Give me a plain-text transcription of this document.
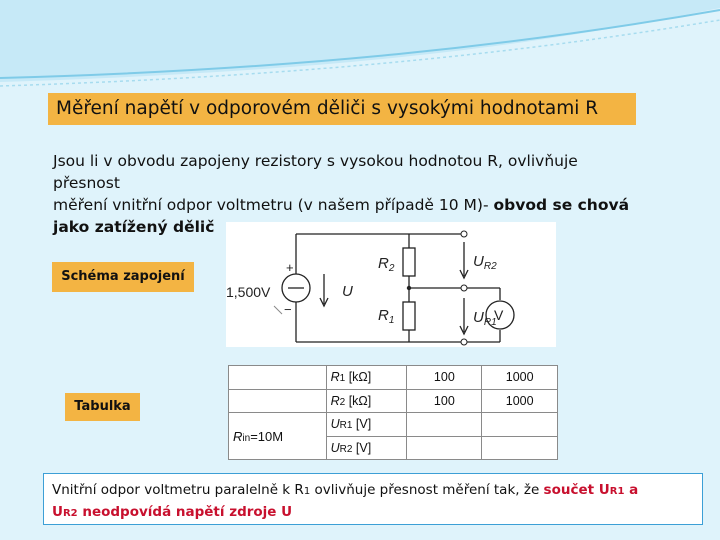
Měření napětí v odporovém děliči s vysokými hodnotami R
Jsou li v obvodu zapojeny rezistory s vysokou hodnotou R, ovlivňuje
přesnost
měření vnitřní odpor voltmetru (v našem případě 10 M)- obvod se chová
jako zatížený dělič
Schéma zapojení
+
−
1,500V	U
$R_2$
$R_1$
$U_{R2}$
$U_{R1}$
V
Tabulka
	R1 [kΩ]	100	1000
	R2 [kΩ]	100	1000
Rin=10M	UR1 [V]		
	UR2 [V]		
Vnitřní odpor voltmetru paralelně k R1 ovlivňuje přesnost měření tak, že součet UR1 a
UR2 neodpovídá napětí zdroje U
